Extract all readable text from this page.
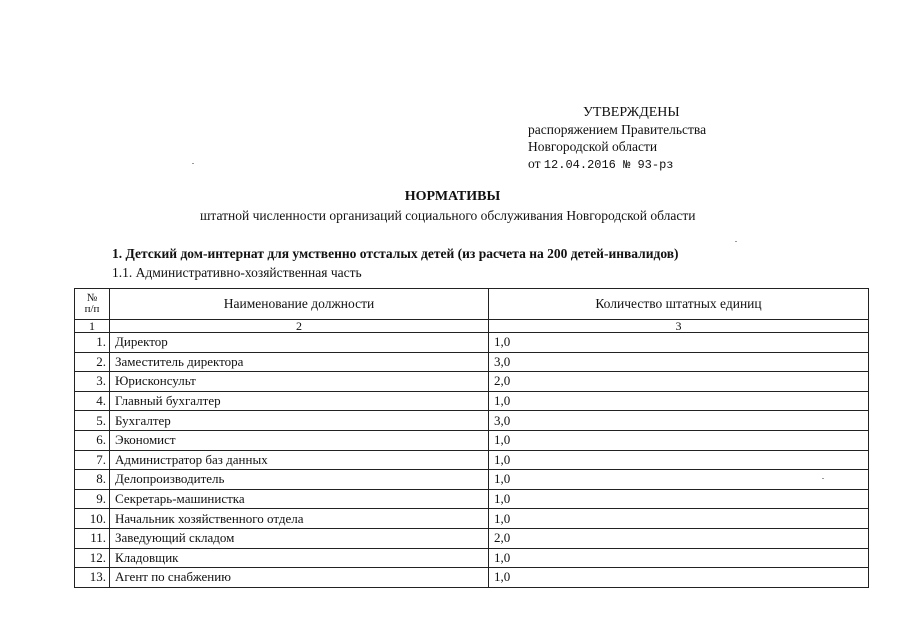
УТВЕРЖДЕНЫ
распоряжением Правительства
Новгородской области
от 12.04.2016 № 93-рз
НОРМАТИВЫ
штатной численности организаций социального обслуживания Новгородской области
1. Детский дом-интернат для умственно отсталых детей (из расчета на 200 детей-инвалидов)
1.1. Административно-хозяйственная часть
№
п/п	Наименование должности	Количество штатных единиц
1	2	3
1.	Директор	1,0
2.	Заместитель директора	3,0
3.	Юрисконсульт	2,0
4.	Главный бухгалтер	1,0
5.	Бухгалтер	3,0
6.	Экономист	1,0
7.	Администратор баз данных	1,0
8.	Делопроизводитель	1,0
9.	Секретарь-машинистка	1,0
10.	Начальник хозяйственного отдела	1,0
11.	Заведующий складом	2,0
12.	Кладовщик	1,0
13.	Агент по снабжению	1,0
